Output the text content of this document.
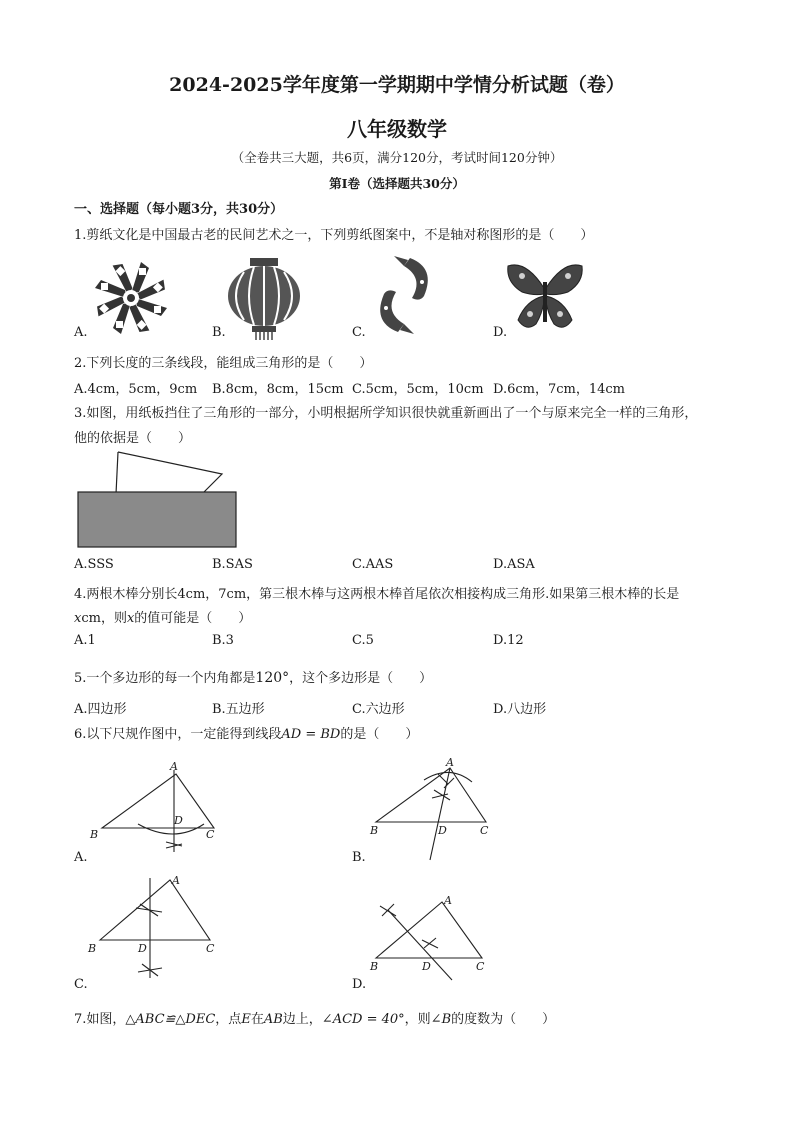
2024-2025学年度第一学期期中学情分析试题（卷）
八年级数学
（全卷共三大题，共6页，满分120分，考试时间120分钟）
第Ⅰ卷（选择题共30分）
一、选择题（每小题3分，共30分）
1.剪纸文化是中国最古老的民间艺术之一，下列剪纸图案中，不是轴对称图形的是（　　）
A.	B.	C.	D.
2.下列长度的三条线段，能组成三角形的是（　　）
A.4cm，5cm，9cm B.8cm，8cm，15cm C.5cm，5cm，10cm D.6cm，7cm，14cm
3.如图，用纸板挡住了三角形的一部分，小明根据所学知识很快就重新画出了一个与原来完全一样的三角形，
他的依据是（　　）
A.SSS	B.SAS	C.AAS	D.ASA
4.两根木棒分别长4cm，7cm，第三根木棒与这两根木棒首尾依次相接构成三角形.如果第三根木棒的长是
xcm，则x的值可能是（　　）
A.1	B.3	C.5	D.12
5.一个多边形的每一个内角都是120°，这个多边形是（　　）
A.四边形	B.五边形	C.六边形	D.八边形
6.以下尺规作图中，一定能得到线段AD = BD的是（　　）
A
B	C
D
A.
A
B	C
D
B.
A
B	C
D
C.
A
B	C
D
D.
7.如图，△ABC≌△DEC，点E在AB边上，∠ACD = 40°，则∠B的度数为（　　）
